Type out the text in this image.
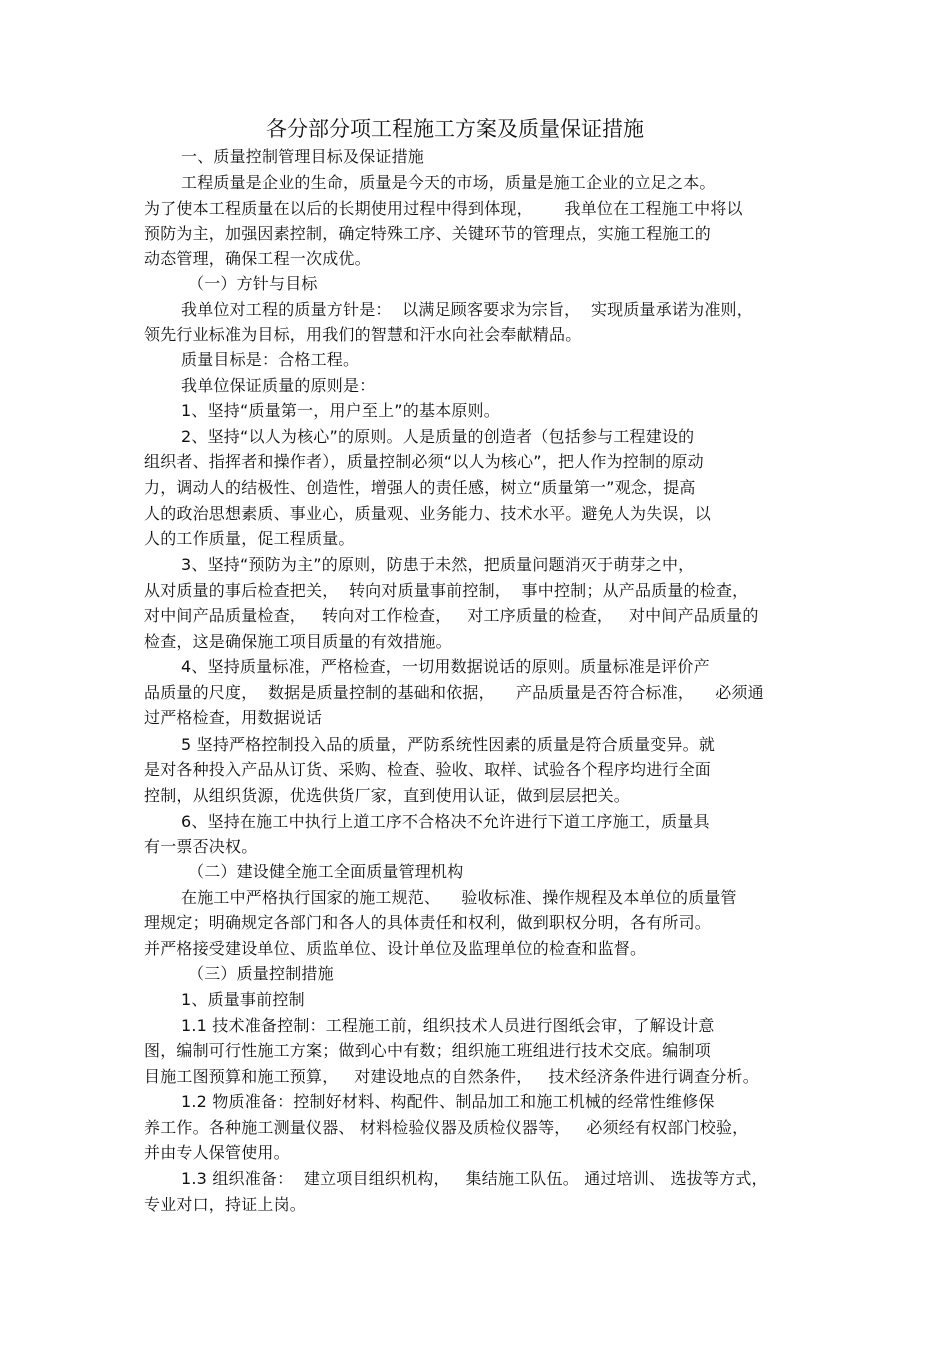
各分部分项工程施工方案及质量保证措施

一、质量控制管理目标及保证措施

工程质量是企业的生命，质量是今天的市场，质量是施工企业的立足之本。

为了使本工程质量在以后的长期使用过程中得到体现，      我单位在工程施工中将以

预防为主，加强因素控制，确定特殊工序、关键环节的管理点，实施工程施工的

动态管理，确保工程一次成优。

（一）方针与目标

我单位对工程的质量方针是：  以满足顾客要求为宗旨，  实现质量承诺为准则，

领先行业标准为目标，用我们的智慧和汗水向社会奉献精品。

质量目标是：合格工程。

我单位保证质量的原则是：

1、坚持“质量第一，用户至上”的基本原则。

2、坚持“以人为核心”的原则。人是质量的创造者（包括参与工程建设的

组织者、指挥者和操作者），质量控制必须“以人为核心”，把人作为控制的原动

力，调动人的结极性、创造性，增强人的责任感，树立“质量第一”观念，提高

人的政治思想素质、事业心，质量观、业务能力、技术水平。避免人为失误，以

人的工作质量，促工程质量。

3、坚持“预防为主”的原则，防患于未然，把质量问题消灭于萌芽之中，

从对质量的事后检查把关，  转向对质量事前控制，  事中控制；从产品质量的检查，

对中间产品质量检查，   转向对工作检查，   对工序质量的检查，   对中间产品质量的

检查，这是确保施工项目质量的有效措施。

4、坚持质量标准，严格检查，一切用数据说话的原则。质量标准是评价产

品质量的尺度，  数据是质量控制的基础和依据，    产品质量是否符合标准，    必须通

过严格检查，用数据说话

5 坚持严格控制投入品的质量，严防系统性因素的质量是符合质量变异。就

是对各种投入产品从订货、采购、检查、验收、取样、试验各个程序均进行全面

控制，从组织货源，优选供货厂家，直到使用认证，做到层层把关。

6、坚持在施工中执行上道工序不合格决不允许进行下道工序施工，质量具

有一票否决权。

（二）建设健全施工全面质量管理机构

在施工中严格执行国家的施工规范、    验收标准、操作规程及本单位的质量管

理规定；明确规定各部门和各人的具体责任和权利，做到职权分明，各有所司。

并严格接受建设单位、质监单位、设计单位及监理单位的检查和监督。

（三）质量控制措施

1、质量事前控制

1.1 技术准备控制：工程施工前，组织技术人员进行图纸会审，了解设计意

图，编制可行性施工方案；做到心中有数；组织施工班组进行技术交底。编制项

目施工图预算和施工预算，   对建设地点的自然条件，   技术经济条件进行调查分析。

1.2 物质准备：控制好材料、构配件、制品加工和施工机械的经常性维修保

养工作。各种施工测量仪器、 材料检验仪器及质检仪器等，   必须经有权部门校验，

并由专人保管使用。

1.3 组织准备：  建立项目组织机构，   集结施工队伍。 通过培训、 选拔等方式，

专业对口，持证上岗。
